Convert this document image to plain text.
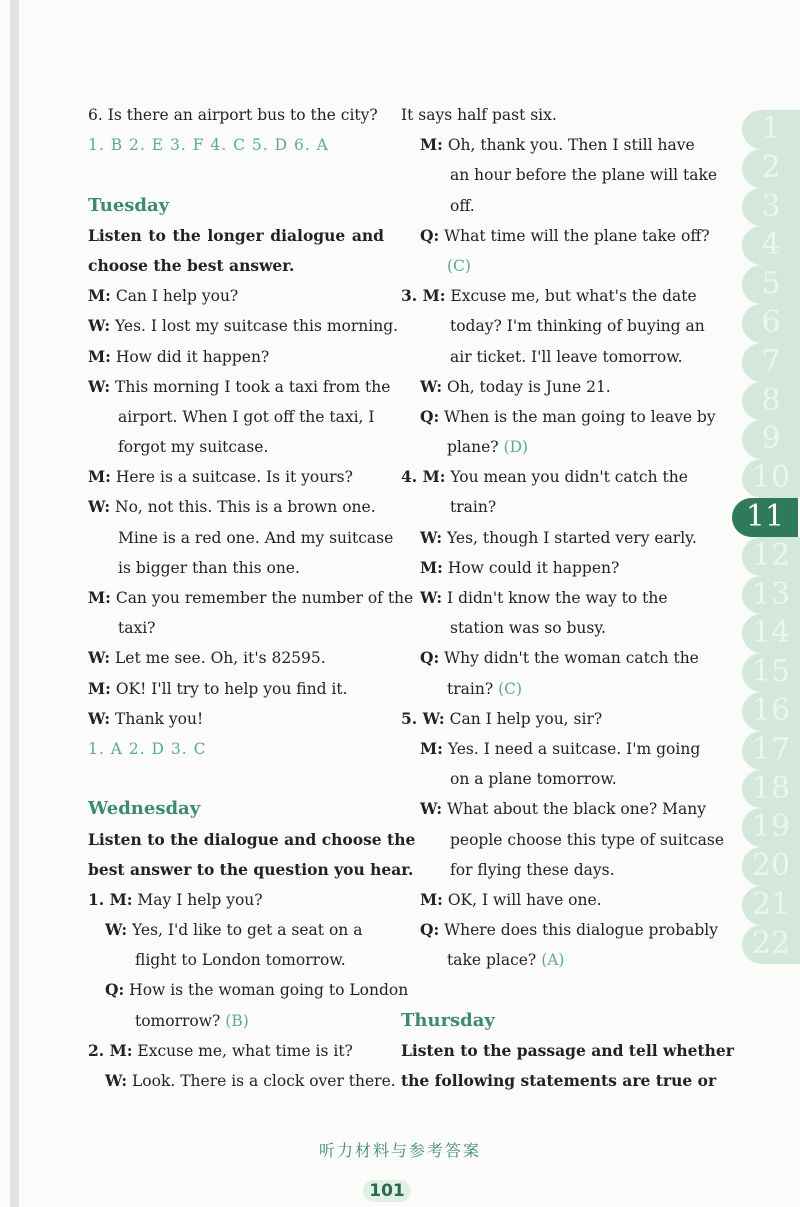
6. Is there an airport bus to the city?
1. B 2. E 3. F 4. C 5. D 6. A
Tuesday
Listen to the longer dialogue and
choose the best answer.
M: Can I help you?
W: Yes. I lost my suitcase this morning.
M: How did it happen?
W: This morning I took a taxi from the
airport. When I got off the taxi, I
forgot my suitcase.
M: Here is a suitcase. Is it yours?
W: No, not this. This is a brown one.
Mine is a red one. And my suitcase
is bigger than this one.
M: Can you remember the number of the
taxi?
W: Let me see. Oh, it's 82595.
M: OK! I'll try to help you find it.
W: Thank you!
1. A 2. D 3. C
Wednesday
Listen to the dialogue and choose the
best answer to the question you hear.
1. M: May I help you?
W: Yes, I'd like to get a seat on a
flight to London tomorrow.
Q: How is the woman going to London
tomorrow? (B)
2. M: Excuse me, what time is it?
W: Look. There is a clock over there.
It says half past six.
M: Oh, thank you. Then I still have
an hour before the plane will take
off.
Q: What time will the plane take off?
(C)
3. M: Excuse me, but what's the date
today? I'm thinking of buying an
air ticket. I'll leave tomorrow.
W: Oh, today is June 21.
Q: When is the man going to leave by
plane? (D)
4. M: You mean you didn't catch the
train?
W: Yes, though I started very early.
M: How could it happen?
W: I didn't know the way to the
station was so busy.
Q: Why didn't the woman catch the
train? (C)
5. W: Can I help you, sir?
M: Yes. I need a suitcase. I'm going
on a plane tomorrow.
W: What about the black one? Many
people choose this type of suitcase
for flying these days.
M: OK, I will have one.
Q: Where does this dialogue probably
take place? (A)
Thursday
Listen to the passage and tell whether
the following statements are true or
1
2
3
4
5
6
7
8
9
10
11
12
13
14
15
16
17
18
19
20
21
22
听力材料与参考答案
101
